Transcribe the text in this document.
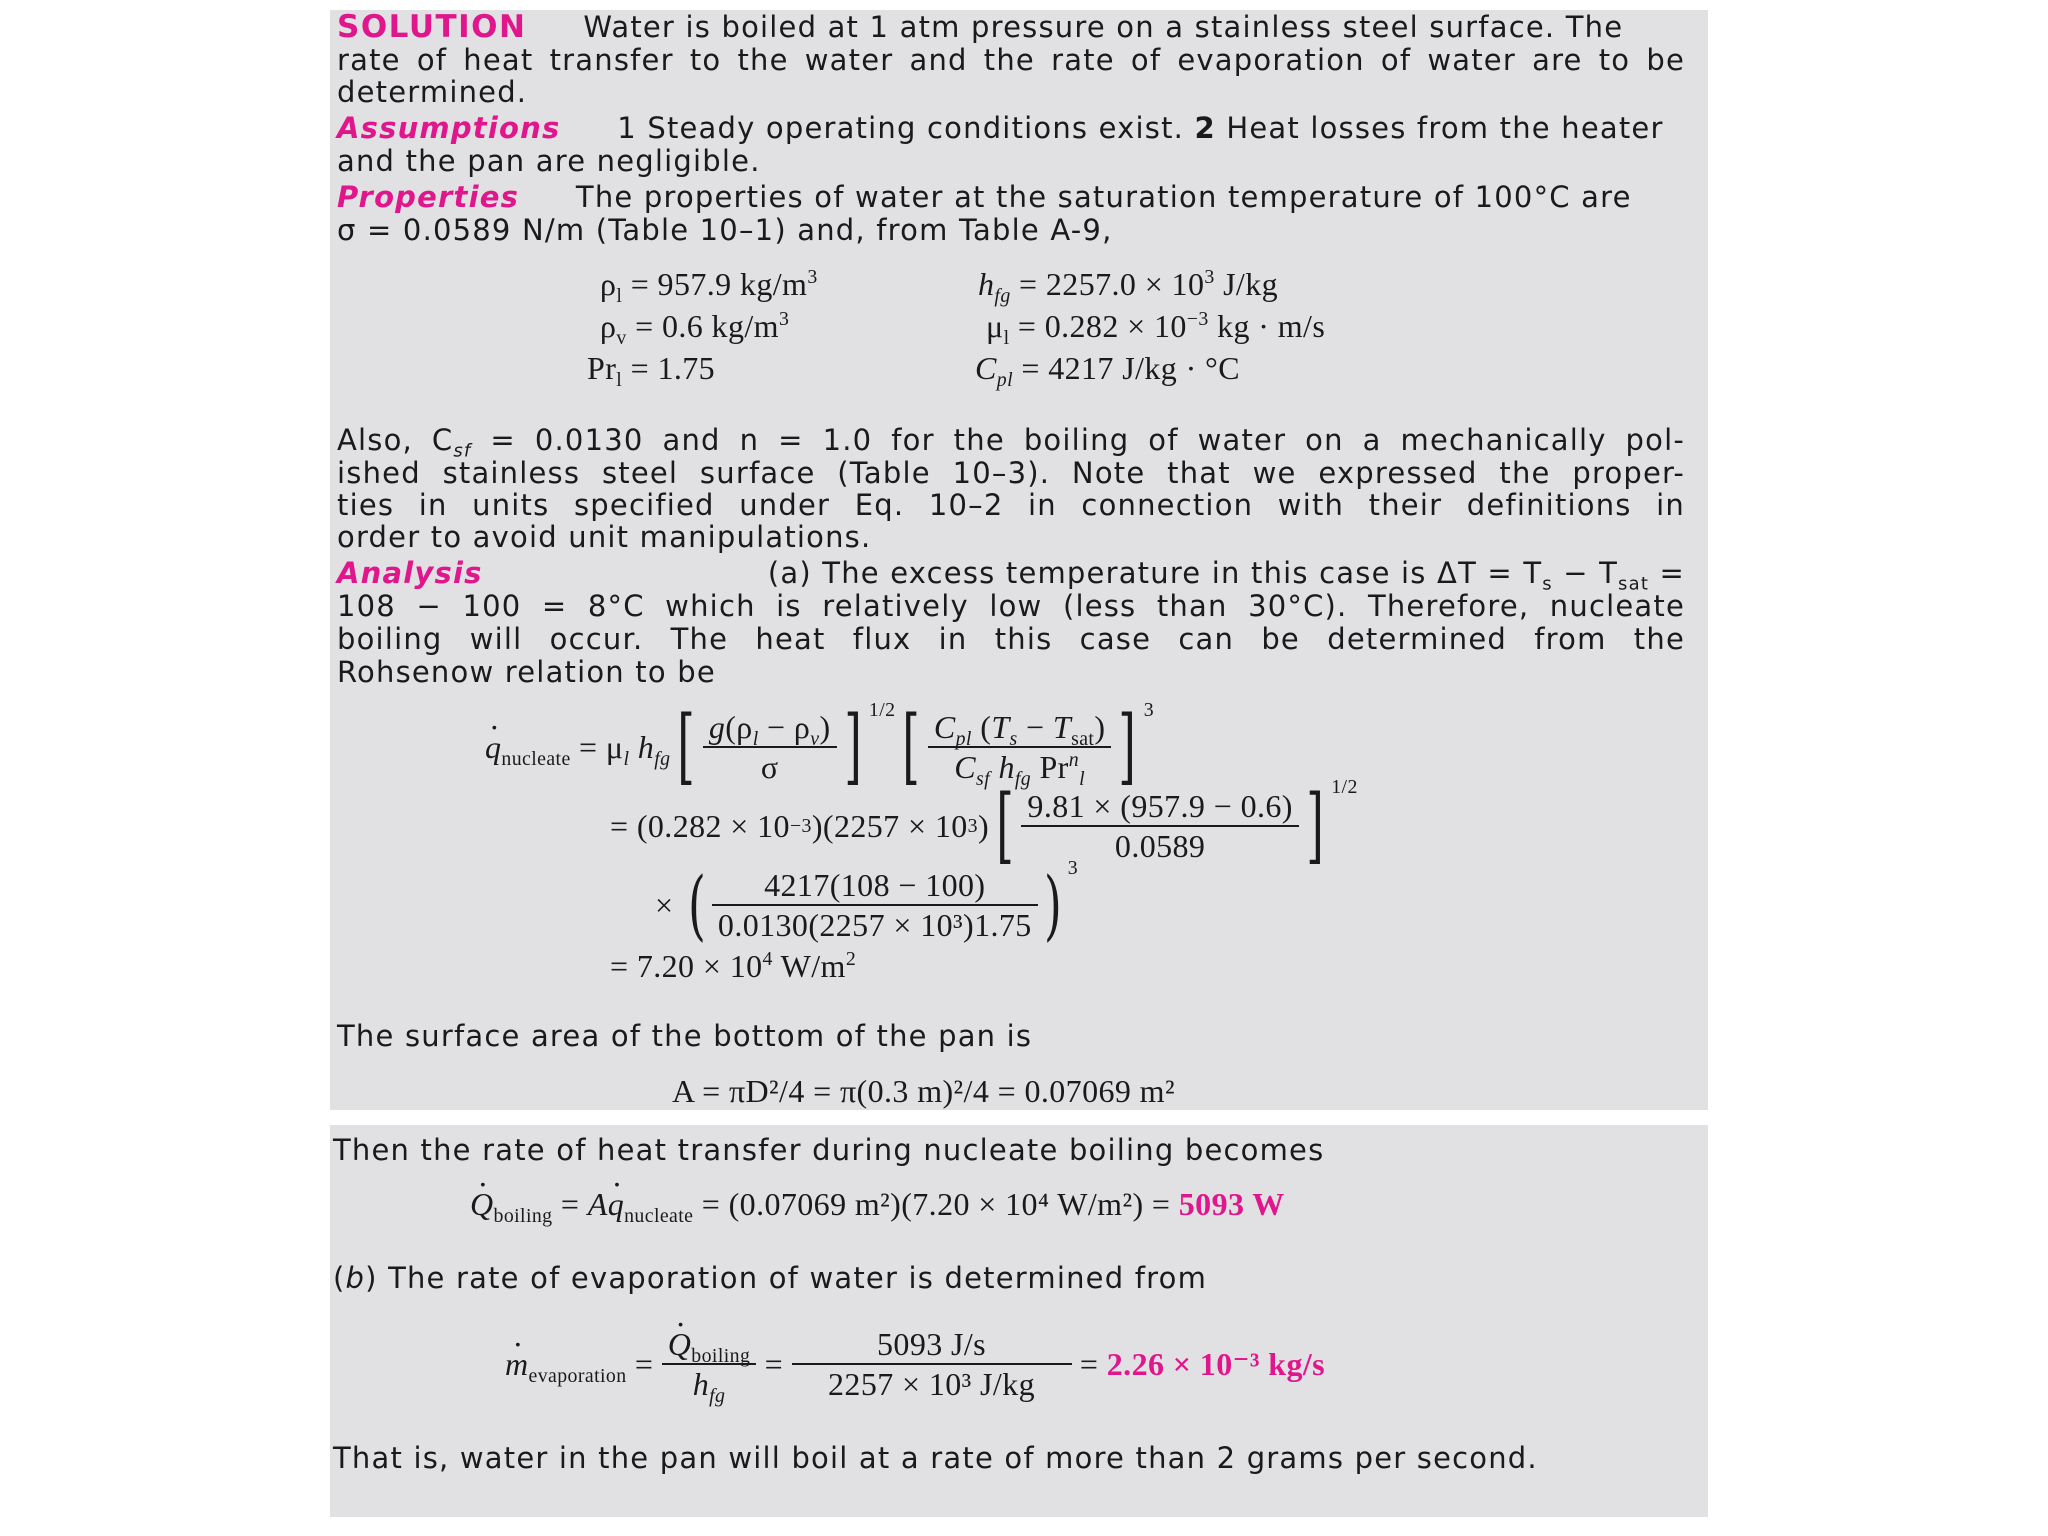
SOLUTION Water is boiled at 1 atm pressure on a stainless steel surface. The
rate of heat transfer to the water and the rate of evaporation of water are to be
determined.
Assumptions 1 Steady operating conditions exist. 2 Heat losses from the heater
and the pan are negligible.
Properties The properties of water at the saturation temperature of 100°C are
σ = 0.0589 N/m (Table 10–1) and, from Table A-9,
$\rho_l = 957.9$ $kg/m^3$
$\rho_v = 0.6$ $kg/m^3$
$Pr_l = 1.75$
$h_{fg} = 2257.0 \times 10^3$ J/kg
$\mu_l = 0.282 \times 10^{-3}$ kg · m/s
$C_{pl} = 4217$ J/kg · °C
Also, $C_{sf} = 0.0130$ and n = 1.0 for the boiling of water on a mechanically pol-
ished stainless steel surface (Table 10–3). Note that we expressed the proper-
ties in units specified under Eq. 10–2 in connection with their definitions in
order to avoid unit manipulations.
Analysis	(a) The excess temperature in this case is $\Delta T = T_s - T_{sat}$ =
108 − 100 = 8°C which is relatively low (less than 30°C). Therefore, nucleate
boiling will occur. The heat flux in this case can be determined from the
Rohsenow relation to be
· $q_{nucleate} = \mu_l$ $h_{fg}$ [ $\frac{g(\rho_l - \rho_v)}{\sigma}$ ] 1/2 [ $\frac{C_{pl} (T_s - T_{sat})}{C_{sf} h_{fg} Pr^n_l}$ ] 3
= (0.282 × 10 −3 )(2257 × 10 3 ) [ $\frac{9.81 \times (957.9 - 0.6)}{0.0589}$ ] 1/2
× ( $\frac{4217(108 - 100)}{\text{0.0130(2257 × 10³)1.75}}$ ) 3
= $7.20 \times 10^4$ $W/m^2$
The surface area of the bottom of the pan is
A = πD²/4 = π(0.3 m)²/4 = 0.07069 m²
Then the rate of heat transfer during nucleate boiling becomes
· $Q_{boiling} = A\cdot q_{nucleate} = (0.07069$ m²)(7.20 × 10⁴ W/m²) = 5093 W
(b) The rate of evaporation of water is determined from
· $m_{evaporation}$ =
· $\frac{Q_{boiling}}{h_{fg}} = \frac{5093 J/s}{\text{2257 × 10³ J/kg}} = 2.26 \times 10^{-3}$ kg/s
That is, water in the pan will boil at a rate of more than 2 grams per second.
